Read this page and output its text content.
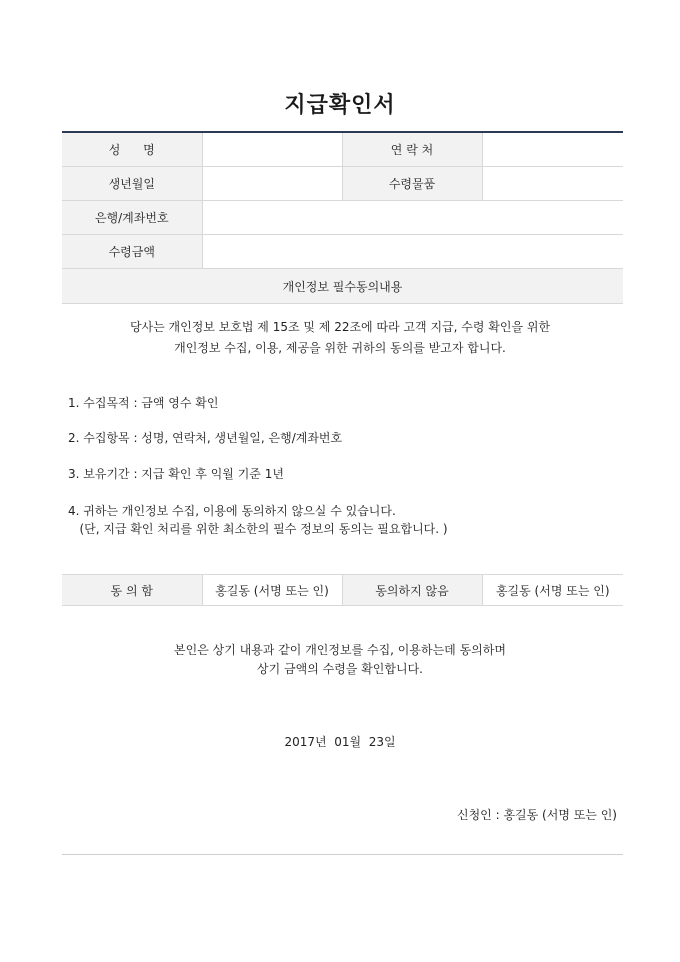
지급확인서
성      명		연 락 처	
생년월일		수령물품	
은행/계좌번호			
수령금액			
개인정보 필수동의내용			
당사는 개인정보 보호법 제 15조 및 제 22조에 따라 고객 지급, 수령 확인을 위한
개인정보 수집, 이용, 제공을 위한 귀하의 동의를 받고자 합니다.
1. 수집목적 : 금액 영수 확인
2. 수집항목 : 성명, 연락처, 생년월일, 은행/계좌번호
3. 보유기간 : 지급 확인 후 익월 기준 1년
4. 귀하는 개인정보 수집, 이용에 동의하지 않으실 수 있습니다.
(단, 지급 확인 처리를 위한 최소한의 필수 정보의 동의는 필요합니다. )
동 의 함	홍길동 (서명 또는 인)	동의하지 않음	홍길동 (서명 또는 인)
본인은 상기 내용과 같이 개인정보를 수집, 이용하는데 동의하며
상기 금액의 수령을 확인합니다.
2017년  01월  23일
신청인 : 홍길동 (서명 또는 인)
